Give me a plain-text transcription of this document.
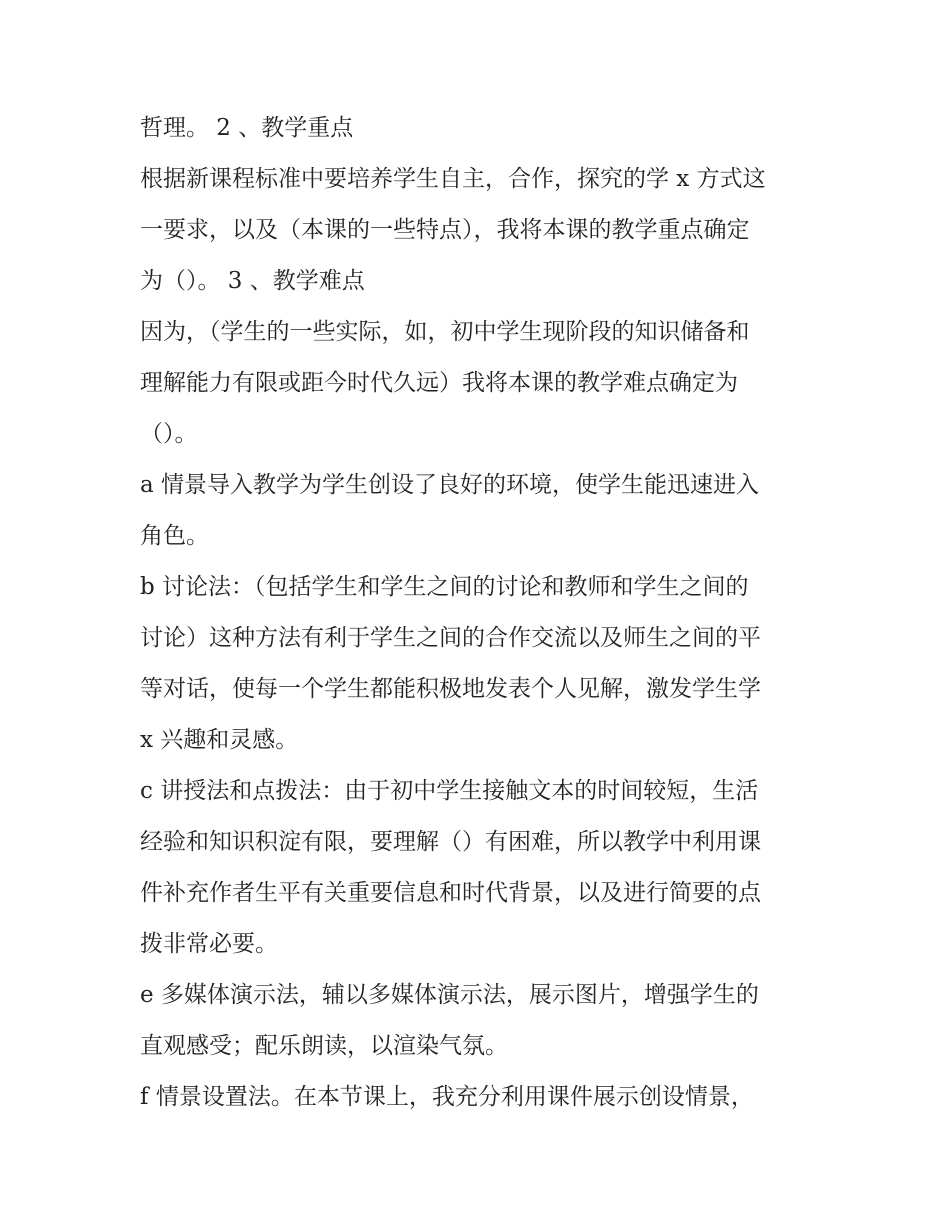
哲理。 2 、教学重点
根据新课程标准中要培养学生自主，合作，探究的学 x 方式这
一要求，以及（本课的一些特点），我将本课的教学重点确定
为（）。 3 、教学难点
因为，（学生的一些实际，如，初中学生现阶段的知识储备和
理解能力有限或距今时代久远）我将本课的教学难点确定为
（）。
a 情景导入教学为学生创设了良好的环境，使学生能迅速进入
角色。
b 讨论法：（包括学生和学生之间的讨论和教师和学生之间的
讨论）这种方法有利于学生之间的合作交流以及师生之间的平
等对话，使每一个学生都能积极地发表个人见解，激发学生学
x 兴趣和灵感。
c 讲授法和点拨法：由于初中学生接触文本的时间较短，生活
经验和知识积淀有限，要理解（）有困难，所以教学中利用课
件补充作者生平有关重要信息和时代背景，以及进行简要的点
拨非常必要。
e 多媒体演示法，辅以多媒体演示法，展示图片，增强学生的
直观感受；配乐朗读，以渲染气氛。
f 情景设置法。在本节课上，我充分利用课件展示创设情景，
